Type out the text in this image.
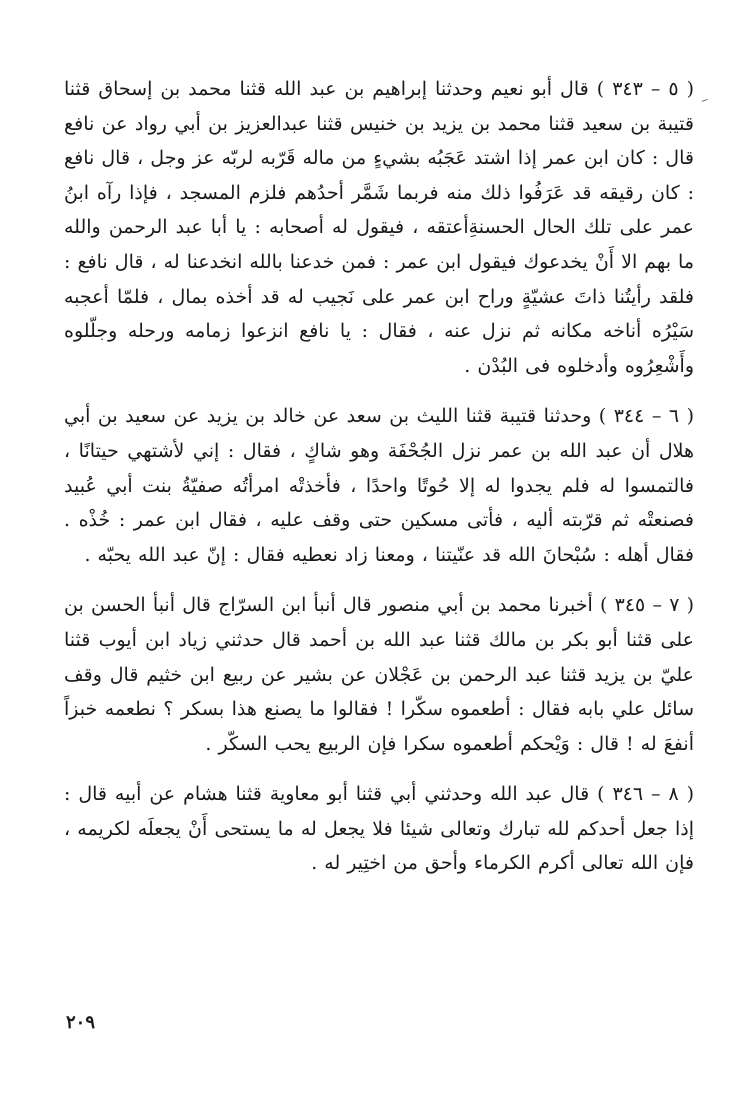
( ٥ – ٣٤٣ ) قال أبو نعيم وحدثنا إبراهيم بن عبد الله قثنا محمد بن إسحاق قثنا قتيبة بن سعيد قثنا محمد بن يزيد بن خنيس قثنا عبدالعزيز بن أبي رواد عن نافع قال : كان ابن عمر إذا اشتد عَجَبُه بشيءٍ من ماله قَرّبه لربّه عز وجل ، قال نافع : كان رقيقه قد عَرَفُوا ذلك منه فربما شَمَّر أحدُهم فلزم المسجد ، فإذا رآه ابنُ عمر على تلك الحال الحسنةِأعتقه ، فيقول له أصحابه : يا أبا عبد الرحمن والله ما بهم الا أَنْ يخدعوك فيقول ابن عمر : فمن خدعنا بالله انخدعنا له ، قال نافع : فلقد رأيتُنا ذاتَ عشيّةٍ وراح ابن عمر على نَجيب له قد أخذه بمال ، فلمّا أعجبه سَيْرُه أناخه مكانه ثم نزل عنه ، فقال : يا نافع انزعوا زمامه ورحله وجلّلوه وأَشْعِرُوه وأدخلوه فى البُدْن .

( ٦ – ٣٤٤ ) وحدثنا قتيبة قثنا الليث بن سعد عن خالد بن يزيد عن سعيد بن أبي هلال أن عبد الله بن عمر نزل الجُحْفَة وهو شاكٍ ، فقال : إني لأشتهي حيتانًا ، فالتمسوا له فلم يجدوا له إلا حُوتًا واحدًا ، فأخذتْه امرأتُه صفيّةُ بنت أبي عُبيد فصنعتْه ثم قرّبته أليه ، فأتى مسكين حتى وقف عليه ، فقال ابن عمر : خُذْه . فقال أهله : سُبْحانَ الله قد عنّيتنا ، ومعنا زاد نعطيه فقال : إنّ عبد الله يحبّه .

( ٧ – ٣٤٥ ) أخبرنا محمد بن أبي منصور قال أنبأ ابن السرّاج قال أنبأ الحسن بن على قثنا أبو بكر بن مالك قثنا عبد الله بن أحمد قال حدثني زياد ابن أيوب قثنا عليّ بن يزيد قثنا عبد الرحمن بن عَجْلان عن بشير عن ربيع ابن خثيم قال وقف سائل علي بابه فقال : أطعموه سكّرا ! فقالوا ما يصنع هذا بسكر ؟ نطعمه خبزاً أنفعَ له ! قال : وَيْحكم أطعموه سكرا فإن الربيع يحب السكّر .

( ٨ – ٣٤٦ ) قال عبد الله وحدثني أبي قثنا أبو معاوية قثنا هشام عن أبيه قال : إذا جعل أحدكم لله تبارك وتعالى شيئا فلا يجعل له ما يستحى أَنْ يجعلَه لكريمه ، فإن الله تعالى أكرم الكرماء وأحق من اختِير له .

٢٠٩
